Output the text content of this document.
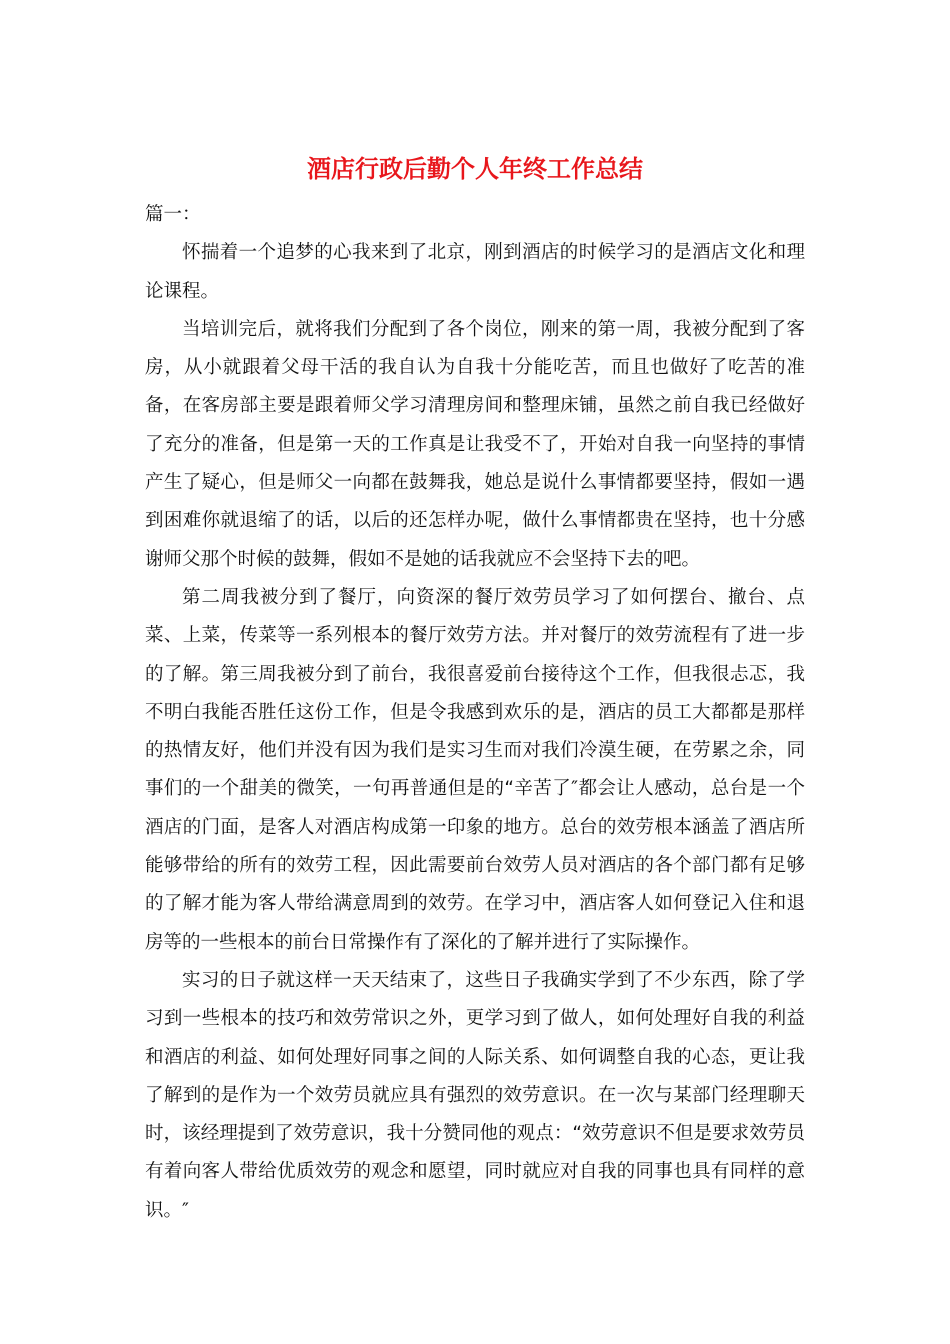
酒店行政后勤个人年终工作总结

篇一：

怀揣着一个追梦的心我来到了北京，刚到酒店的时候学习的是酒店文化和理论课程。

当培训完后，就将我们分配到了各个岗位，刚来的第一周，我被分配到了客房，从小就跟着父母干活的我自认为自我十分能吃苦，而且也做好了吃苦的准备，在客房部主要是跟着师父学习清理房间和整理床铺，虽然之前自我已经做好了充分的准备，但是第一天的工作真是让我受不了，开始对自我一向坚持的事情产生了疑心，但是师父一向都在鼓舞我，她总是说什么事情都要坚持，假如一遇到困难你就退缩了的话，以后的还怎样办呢，做什么事情都贵在坚持，也十分感谢师父那个时候的鼓舞，假如不是她的话我就应不会坚持下去的吧。

第二周我被分到了餐厅，向资深的餐厅效劳员学习了如何摆台、撤台、点菜、上菜，传菜等一系列根本的餐厅效劳方法。并对餐厅的效劳流程有了进一步的了解。第三周我被分到了前台，我很喜爱前台接待这个工作，但我很忐忑，我不明白我能否胜任这份工作，但是令我感到欢乐的是，酒店的员工大都都是那样的热情友好，他们并没有因为我们是实习生而对我们冷漠生硬，在劳累之余，同事们的一个甜美的微笑，一句再普通但是的“辛苦了″都会让人感动，总台是一个酒店的门面，是客人对酒店构成第一印象的地方。总台的效劳根本涵盖了酒店所能够带给的所有的效劳工程，因此需要前台效劳人员对酒店的各个部门都有足够的了解才能为客人带给满意周到的效劳。在学习中，酒店客人如何登记入住和退房等的一些根本的前台日常操作有了深化的了解并进行了实际操作。

实习的日子就这样一天天结束了，这些日子我确实学到了不少东西，除了学习到一些根本的技巧和效劳常识之外，更学习到了做人，如何处理好自我的利益和酒店的利益、如何处理好同事之间的人际关系、如何调整自我的心态，更让我了解到的是作为一个效劳员就应具有强烈的效劳意识。在一次与某部门经理聊天时，该经理提到了效劳意识，我十分赞同他的观点：“效劳意识不但是要求效劳员有着向客人带给优质效劳的观念和愿望，同时就应对自我的同事也具有同样的意识。″
